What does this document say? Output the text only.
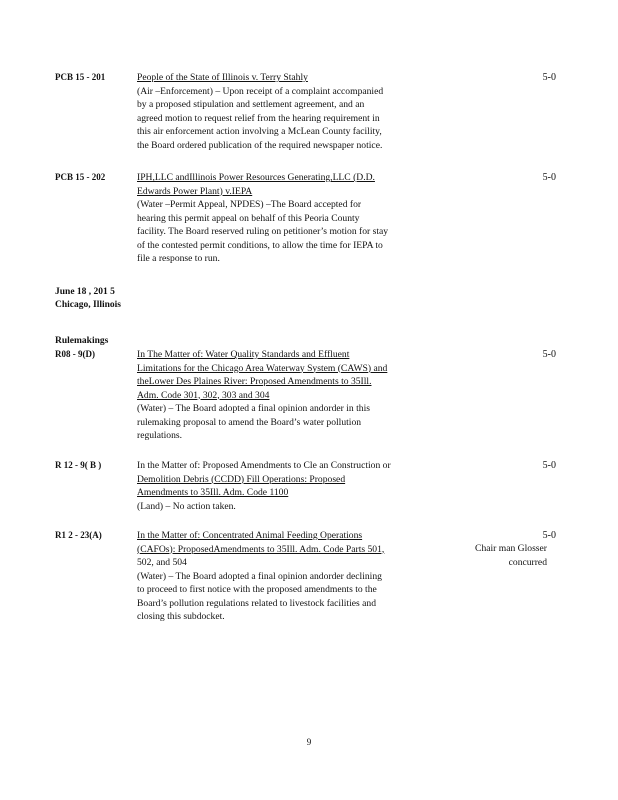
PCB 15 - 201	People of the State of Illinois v. Terry Stahly
(Air –Enforcement) – Upon receipt of a complaint accompanied
by a proposed stipulation and settlement agreement, and an
agreed motion to request relief from the hearing requirement in
this air enforcement action involving a McLean County facility,
the Board ordered publication of the required newspaper notice.
5-0
PCB 15 - 202	IPH,LLC andIllinois Power Resources Generating,LLC (D.D.
Edwards Power Plant) v.IEPA
(Water –Permit Appeal, NPDES) –The Board accepted for
hearing this permit appeal on behalf of this Peoria County
facility. The Board reserved ruling on petitioner’s motion for stay
of the contested permit conditions, to allow the time for IEPA to
file a response to run.
5-0
June 18 , 201 5
Chicago, Illinois
Rulemakings
R08 - 9(D)	In The Matter of: Water Quality Standards and Effluent
Limitations for the Chicago Area Waterway System (CAWS) and
theLower Des Plaines River: Proposed Amendments to 35Ill.
Adm. Code 301, 302, 303 and 304
(Water) – The Board adopted a final opinion andorder in this
rulemaking proposal to amend the Board’s water pollution
regulations.
5-0
R 12 - 9( B )	In the Matter of: Proposed Amendments to Cle an Construction or
Demolition Debris (CCDD) Fill Operations: Proposed
Amendments to 35Ill. Adm. Code 1100
(Land) – No action taken.
5-0
R1 2 - 23(A)	In the Matter of: Concentrated Animal Feeding Operations
(CAFOs): ProposedAmendments to 35Ill. Adm. Code Parts 501,
502, and 504
(Water) – The Board adopted a final opinion andorder declining
to proceed to first notice with the proposed amendments to the
Board’s pollution regulations related to livestock facilities and
closing this subdocket.
5-0
Chair man Glosser
concurred
9
